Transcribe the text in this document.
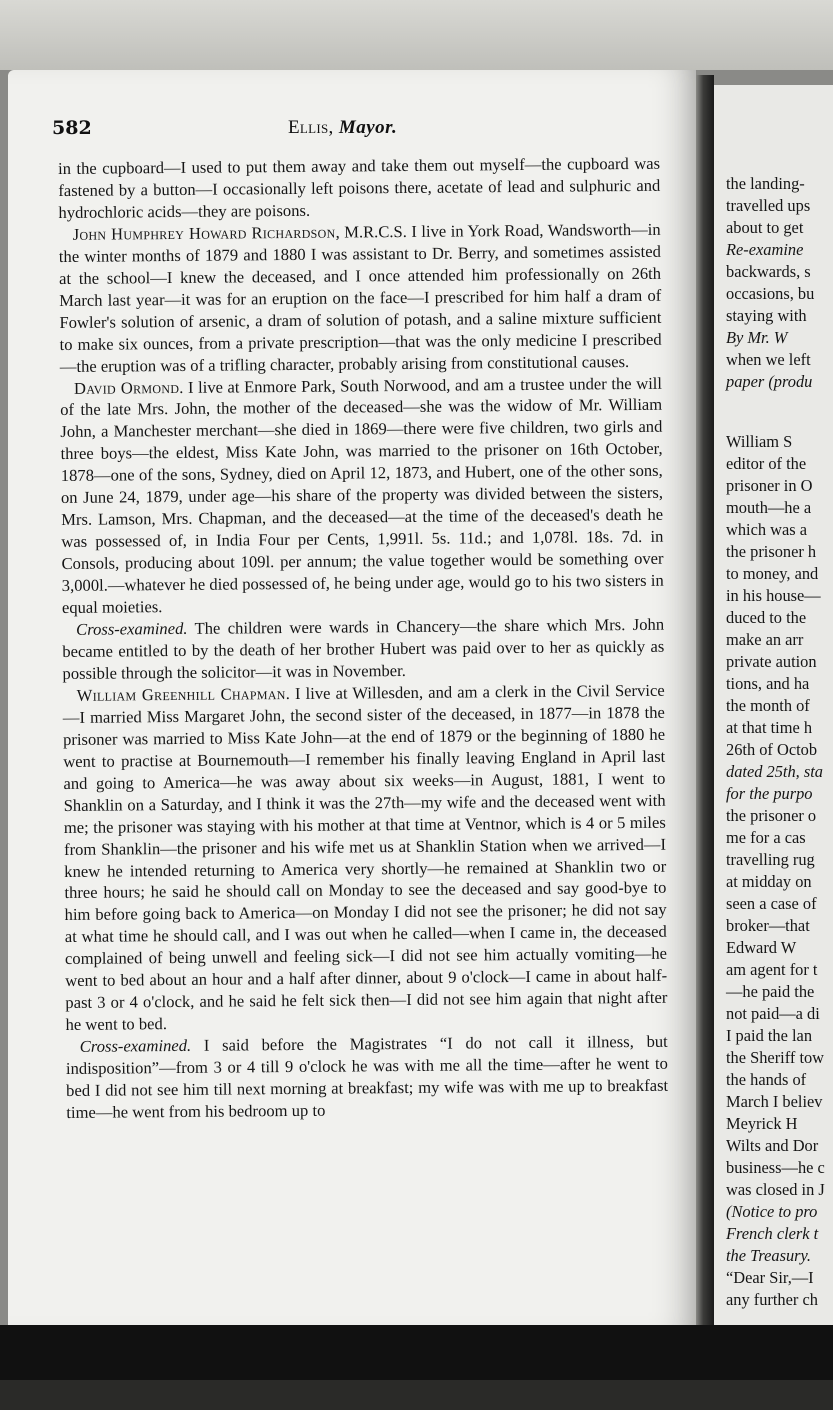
the landing-
travelled ups
about to get
Re-examine
backwards, s
occasions, bu
staying with
By Mr. W
when we left
paper (produ
William S
editor of the
prisoner in O
mouth—he a
which was a
the prisoner h
to money, and
in his house—
duced to the
make an arr
private aution
tions, and ha
the month of
at that time h
26th of Octob
dated 25th, sta
for the purpo
the prisoner o
me for a cas
travelling rug
at midday on
seen a case of
broker—that
Edward W
am agent for t
—he paid the
not paid—a di
I paid the lan
the Sheriff tow
the hands of
March I believ
Meyrick H
Wilts and Dor
business—he c
was closed in J
(Notice to pro
French clerk t
the Treasury.
“Dear Sir,—I
any further ch
582	Ellis, Mayor.

in the cupboard—I used to put them away and take them out myself—the cupboard was fastened by a button—I occasionally left poisons there, acetate of lead and sulphuric and hydrochloric acids—they are poisons.

John Humphrey Howard Richardson, M.R.C.S. I live in York Road, Wandsworth—in the winter months of 1879 and 1880 I was assistant to Dr. Berry, and sometimes assisted at the school—I knew the deceased, and I once attended him professionally on 26th March last year—it was for an eruption on the face—I prescribed for him half a dram of Fowler's solution of arsenic, a dram of solution of potash, and a saline mixture sufficient to make six ounces, from a private prescription—that was the only medicine I prescribed—the eruption was of a trifling character, probably arising from constitutional causes.

David Ormond. I live at Enmore Park, South Norwood, and am a trustee under the will of the late Mrs. John, the mother of the deceased—she was the widow of Mr. William John, a Manchester merchant—she died in 1869—there were five children, two girls and three boys—the eldest, Miss Kate John, was married to the prisoner on 16th October, 1878—one of the sons, Sydney, died on April 12, 1873, and Hubert, one of the other sons, on June 24, 1879, under age—his share of the property was divided between the sisters, Mrs. Lamson, Mrs. Chapman, and the deceased—at the time of the deceased's death he was possessed of, in India Four per Cents, 1,991l. 5s. 11d.; and 1,078l. 18s. 7d. in Consols, producing about 109l. per annum; the value together would be something over 3,000l.—whatever he died possessed of, he being under age, would go to his two sisters in equal moieties.

Cross-examined. The children were wards in Chancery—the share which Mrs. John became entitled to by the death of her brother Hubert was paid over to her as quickly as possible through the solicitor—it was in November.

William Greenhill Chapman. I live at Willesden, and am a clerk in the Civil Service—I married Miss Margaret John, the second sister of the deceased, in 1877—in 1878 the prisoner was married to Miss Kate John—at the end of 1879 or the beginning of 1880 he went to practise at Bournemouth—I remember his finally leaving England in April last and going to America—he was away about six weeks—in August, 1881, I went to Shanklin on a Saturday, and I think it was the 27th—my wife and the deceased went with me; the prisoner was staying with his mother at that time at Ventnor, which is 4 or 5 miles from Shanklin—the prisoner and his wife met us at Shanklin Station when we arrived—I knew he intended returning to America very shortly—he remained at Shanklin two or three hours; he said he should call on Monday to see the deceased and say good-bye to him before going back to America—on Monday I did not see the prisoner; he did not say at what time he should call, and I was out when he called—when I came in, the deceased complained of being unwell and feeling sick—I did not see him actually vomiting—he went to bed about an hour and a half after dinner, about 9 o'clock—I came in about half-past 3 or 4 o'clock, and he said he felt sick then—I did not see him again that night after he went to bed.

Cross-examined. I said before the Magistrates “I do not call it illness, but indisposition”—from 3 or 4 till 9 o'clock he was with me all the time—after he went to bed I did not see him till next morning at breakfast; my wife was with me up to breakfast time—he went from his bedroom up to
